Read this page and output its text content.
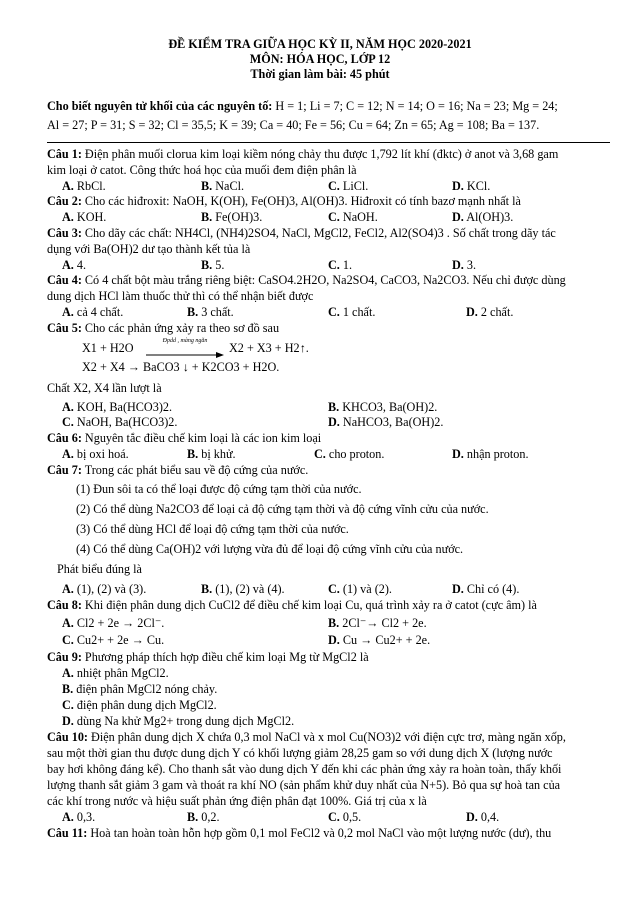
ĐỀ KIỂM TRA GIỮA HỌC KỲ II, NĂM HỌC 2020-2021
MÔN: HÓA HỌC, LỚP 12
Thời gian làm bài: 45 phút
Cho biết nguyên tử khối của các nguyên tố: H = 1; Li = 7; C = 12; N = 14; O = 16; Na = 23; Mg = 24;
Al = 27; P = 31; S = 32; Cl = 35,5; K = 39; Ca = 40; Fe = 56; Cu = 64; Zn = 65; Ag = 108; Ba = 137.
Câu 1: Điện phân muối clorua kim loại kiềm nóng chảy thu được 1,792 lít khí (đktc) ở anot và 3,68 gam
kim loại ở catot. Công thức hoá học của muối đem điện phân là
A. RbCl.	B. NaCl.	C. LiCl.	D. KCl.
Câu 2: Cho các hiđroxit: NaOH, K(OH), Fe(OH)3, Al(OH)3. Hiđroxit có tính bazơ mạnh nhất là
A. KOH.	B. Fe(OH)3.	C. NaOH.	D. Al(OH)3.
Câu 3: Cho dãy các chất: NH4Cl, (NH4)2SO4, NaCl, MgCl2, FeCl2, Al2(SO4)3 . Số chất trong dãy tác
dụng với Ba(OH)2 dư tạo thành kết tủa là
A. 4.	B. 5.	C. 1.	D. 3.
Câu 4: Có 4 chất bột màu trắng riêng biệt: CaSO4.2H2O, Na2SO4, CaCO3, Na2CO3. Nếu chỉ được dùng
dung dịch HCl làm thuốc thử thì có thể nhận biết được
A. cả 4 chất.	B. 3 chất.	C. 1 chất.	D. 2 chất.
Câu 5: Cho các phản ứng xảy ra theo sơ đồ sau
X1 + H2O	Đpdd , màng ngăn	X2 + X3 + H2↑.
X2 + X4 → BaCO3 ↓ + K2CO3 + H2O.
Chất X2, X4 lần lượt là
A. KOH, Ba(HCO3)2.	B. KHCO3, Ba(OH)2.
C. NaOH, Ba(HCO3)2.	D. NaHCO3, Ba(OH)2.
Câu 6: Nguyên tắc điều chế kim loại là các ion kim loại
A. bị oxi hoá.	B. bị khử.	C. cho proton.	D. nhận proton.
Câu 7: Trong các phát biểu sau về độ cứng của nước.
(1) Đun sôi ta có thể loại được độ cứng tạm thời của nước.
(2) Có thể dùng Na2CO3 để loại cả độ cứng tạm thời và độ cứng vĩnh cửu của nước.
(3) Có thể dùng HCl để loại độ cứng tạm thời của nước.
(4) Có thể dùng Ca(OH)2 với lượng vừa đủ để loại độ cứng vĩnh cửu của nước.
Phát biểu đúng là
A. (1), (2) và (3).	B. (1), (2) và (4).	C. (1) và (2).	D. Chỉ có (4).
Câu 8: Khi điện phân dung dịch CuCl2 để điều chế kim loại Cu, quá trình xảy ra ở catot (cực âm) là
A. Cl2 + 2e → 2Cl⁻.	B. 2Cl⁻→ Cl2 + 2e.
C. Cu2+ + 2e → Cu.	D. Cu → Cu2+ + 2e.
Câu 9: Phương pháp thích hợp điều chế kim loại Mg từ MgCl2 là
A. nhiệt phân MgCl2.
B. điện phân MgCl2 nóng chảy.
C. điện phân dung dịch MgCl2.
D. dùng Na khử Mg2+ trong dung dịch MgCl2.
Câu 10: Điện phân dung dịch X chứa 0,3 mol NaCl và x mol Cu(NO3)2 với điện cực trơ, màng ngăn xốp,
sau một thời gian thu được dung dịch Y có khối lượng giảm 28,25 gam so với dung dịch X (lượng nước
bay hơi không đáng kể). Cho thanh sắt vào dung dịch Y đến khi các phản ứng xảy ra hoàn toàn, thấy khối
lượng thanh sắt giảm 3 gam và thoát ra khí NO (sản phẩm khử duy nhất của N+5). Bỏ qua sự hoà tan của
các khí trong nước và hiệu suất phản ứng điện phân đạt 100%. Giá trị của x là
A. 0,3.	B. 0,2.	C. 0,5.	D. 0,4.
Câu 11: Hoà tan hoàn toàn hỗn hợp gồm 0,1 mol FeCl2 và 0,2 mol NaCl vào một lượng nước (dư), thu
